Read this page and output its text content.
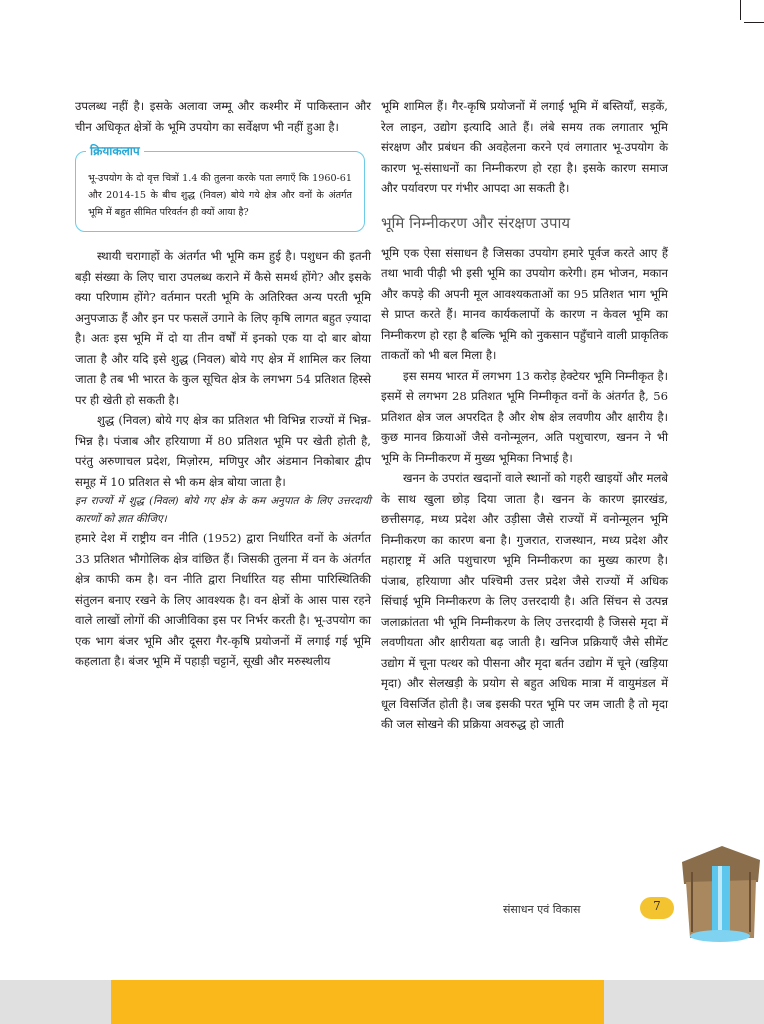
उपलब्ध नहीं है। इसके अलावा जम्मू और कश्मीर में पाकिस्तान और चीन अधिकृत क्षेत्रों के भूमि उपयोग का सर्वेक्षण भी नहीं हुआ है।

क्रियाकलाप
भू-उपयोग के दो वृत्त चित्रों 1.4 की तुलना करके पता लगाएँ कि 1960-61 और 2014-15 के बीच शुद्ध (निवल) बोये गये क्षेत्र और वनों के अंतर्गत भूमि में बहुत सीमित परिवर्तन ही क्यों आया है?

स्थायी चरागाहों के अंतर्गत भी भूमि कम हुई है। पशुधन की इतनी बड़ी संख्या के लिए चारा उपलब्ध कराने में कैसे समर्थ होंगे? और इसके क्या परिणाम होंगे? वर्तमान परती भूमि के अतिरिक्त अन्य परती भूमि अनुपजाऊ हैं और इन पर फसलें उगाने के लिए कृषि लागत बहुत ज़्यादा है। अतः इस भूमि में दो या तीन वर्षों में इनको एक या दो बार बोया जाता है और यदि इसे शुद्ध (निवल) बोये गए क्षेत्र में शामिल कर लिया जाता है तब भी भारत के कुल सूचित क्षेत्र के लगभग 54 प्रतिशत हिस्से पर ही खेती हो सकती है।

शुद्ध (निवल) बोये गए क्षेत्र का प्रतिशत भी विभिन्न राज्यों में भिन्न-भिन्न है। पंजाब और हरियाणा में 80 प्रतिशत भूमि पर खेती होती है, परंतु अरुणाचल प्रदेश, मिज़ोरम, मणिपुर और अंडमान निकोबार द्वीप समूह में 10 प्रतिशत से भी कम क्षेत्र बोया जाता है।

इन राज्यों में शुद्ध (निवल) बोये गए क्षेत्र के कम अनुपात के लिए उत्तरदायी कारणों को ज्ञात कीजिए।

हमारे देश में राष्ट्रीय वन नीति (1952) द्वारा निर्धारित वनों के अंतर्गत 33 प्रतिशत भौगोलिक क्षेत्र वांछित हैं। जिसकी तुलना में वन के अंतर्गत क्षेत्र काफी कम है। वन नीति द्वारा निर्धारित यह सीमा पारिस्थितिकी संतुलन बनाए रखने के लिए आवश्यक है। वन क्षेत्रों के आस पास रहने वाले लाखों लोगों की आजीविका इस पर निर्भर करती है। भू-उपयोग का एक भाग बंजर भूमि और दूसरा गैर-कृषि प्रयोजनों में लगाई गई भूमि कहलाता है। बंजर भूमि में पहाड़ी चट्टानें, सूखी और मरुस्थलीय

भूमि शामिल हैं। गैर-कृषि प्रयोजनों में लगाई भूमि में बस्तियाँ, सड़कें, रेल लाइन, उद्योग इत्यादि आते हैं। लंबे समय तक लगातार भूमि संरक्षण और प्रबंधन की अवहेलना करने एवं लगातार भू-उपयोग के कारण भू-संसाधनों का निम्नीकरण हो रहा है। इसके कारण समाज और पर्यावरण पर गंभीर आपदा आ सकती है।

भूमि निम्नीकरण और संरक्षण उपाय

भूमि एक ऐसा संसाधन है जिसका उपयोग हमारे पूर्वज करते आए हैं तथा भावी पीढ़ी भी इसी भूमि का उपयोग करेगी। हम भोजन, मकान और कपड़े की अपनी मूल आवश्यकताओं का 95 प्रतिशत भाग भूमि से प्राप्त करते हैं। मानव कार्यकलापों के कारण न केवल भूमि का निम्नीकरण हो रहा है बल्कि भूमि को नुकसान पहुँचाने वाली प्राकृतिक ताकतों को भी बल मिला है।

इस समय भारत में लगभग 13 करोड़ हेक्टेयर भूमि निम्नीकृत है। इसमें से लगभग 28 प्रतिशत भूमि निम्नीकृत वनों के अंतर्गत है, 56 प्रतिशत क्षेत्र जल अपरदित है और शेष क्षेत्र लवणीय और क्षारीय है। कुछ मानव क्रियाओं जैसे वनोन्मूलन, अति पशुचारण, खनन ने भी भूमि के निम्नीकरण में मुख्य भूमिका निभाई है।

खनन के उपरांत खदानों वाले स्थानों को गहरी खाइयों और मलबे के साथ खुला छोड़ दिया जाता है। खनन के कारण झारखंड, छत्तीसगढ़, मध्य प्रदेश और उड़ीसा जैसे राज्यों में वनोन्मूलन भूमि निम्नीकरण का कारण बना है। गुजरात, राजस्थान, मध्य प्रदेश और महाराष्ट्र में अति पशुचारण भूमि निम्नीकरण का मुख्य कारण है। पंजाब, हरियाणा और पश्चिमी उत्तर प्रदेश जैसे राज्यों में अधिक सिंचाई भूमि निम्नीकरण के लिए उत्तरदायी है। अति सिंचन से उत्पन्न जलाक्रांतता भी भूमि निम्नीकरण के लिए उत्तरदायी है जिससे मृदा में लवणीयता और क्षारीयता बढ़ जाती है। खनिज प्रक्रियाएँ जैसे सीमेंट उद्योग में चूना पत्थर को पीसना और मृदा बर्तन उद्योग में चूने (खड़िया मृदा) और सेलखड़ी के प्रयोग से बहुत अधिक मात्रा में वायुमंडल में धूल विसर्जित होती है। जब इसकी परत भूमि पर जम जाती है तो मृदा की जल सोखने की प्रक्रिया अवरुद्ध हो जाती

संसाधन एवं विकास	7
